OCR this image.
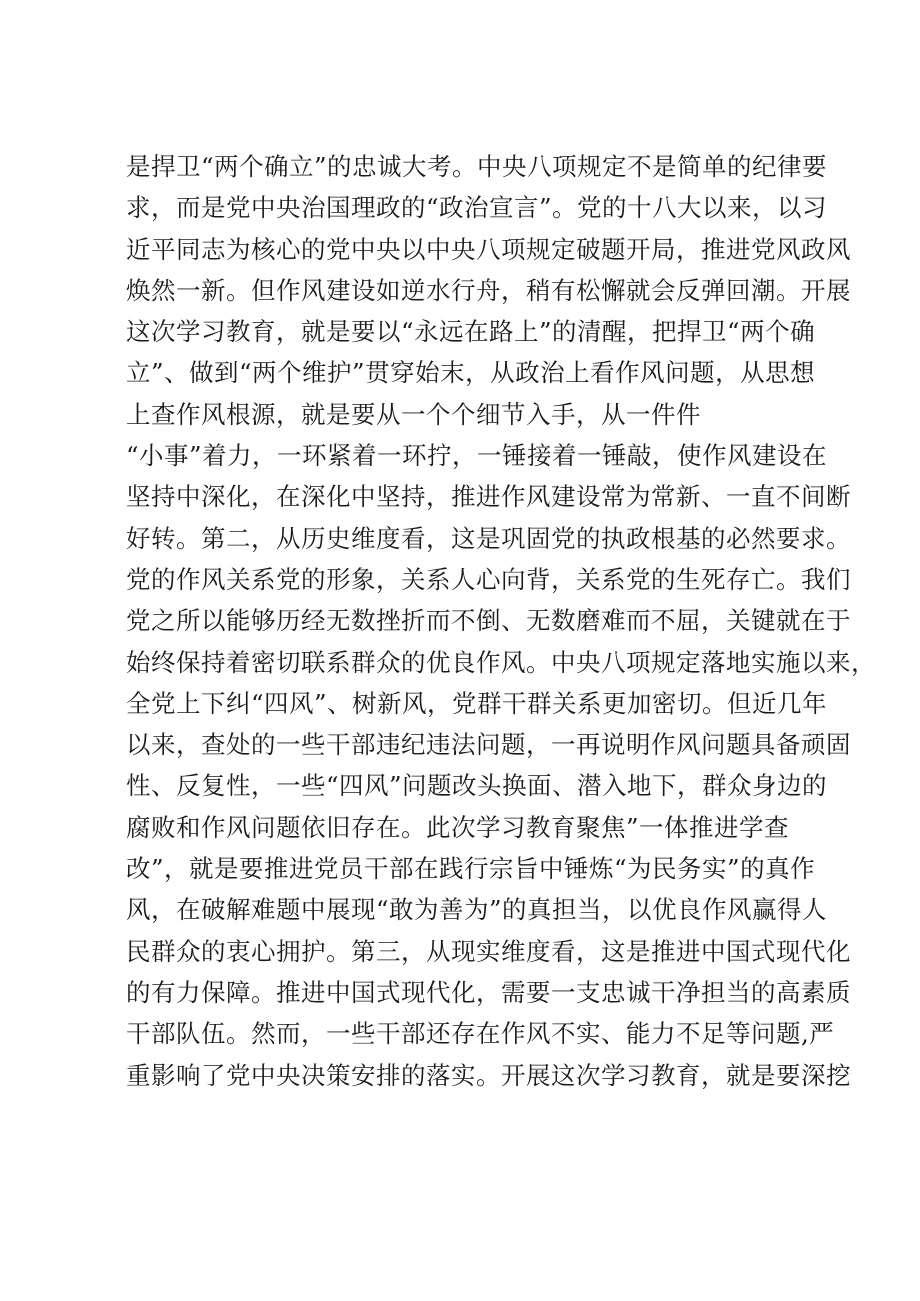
是捍卫“两个确立”的忠诚大考。中央八项规定不是简单的纪律要
求，而是党中央治国理政的“政治宣言”。党的十八大以来，以习
近平同志为核心的党中央以中央八项规定破题开局，推进党风政风
焕然一新。但作风建设如逆水行舟，稍有松懈就会反弹回潮。开展
这次学习教育，就是要以“永远在路上”的清醒，把捍卫“两个确
立”、做到“两个维护”贯穿始末，从政治上看作风问题，从思想
上查作风根源，就是要从一个个细节入手，从一件件
“小事”着力，一环紧着一环拧，一锤接着一锤敲，使作风建设在
坚持中深化，在深化中坚持，推进作风建设常为常新、一直不间断
好转。第二，从历史维度看，这是巩固党的执政根基的必然要求。
党的作风关系党的形象，关系人心向背，关系党的生死存亡。我们
党之所以能够历经无数挫折而不倒、无数磨难而不屈，关键就在于
始终保持着密切联系群众的优良作风。中央八项规定落地实施以来，
全党上下纠“四风”、树新风，党群干群关系更加密切。但近几年
以来，查处的一些干部违纪违法问题，一再说明作风问题具备顽固
性、反复性，一些“四风”问题改头换面、潜入地下，群众身边的
腐败和作风问题依旧存在。此次学习教育聚焦”一体推进学查
改”，就是要推进党员干部在践行宗旨中锤炼“为民务实”的真作
风，在破解难题中展现“敢为善为”的真担当，以优良作风赢得人
民群众的衷心拥护。第三，从现实维度看，这是推进中国式现代化
的有力保障。推进中国式现代化，需要一支忠诚干净担当的高素质
干部队伍。然而，一些干部还存在作风不实、能力不足等问题,严
重影响了党中央决策安排的落实。开展这次学习教育，就是要深挖
